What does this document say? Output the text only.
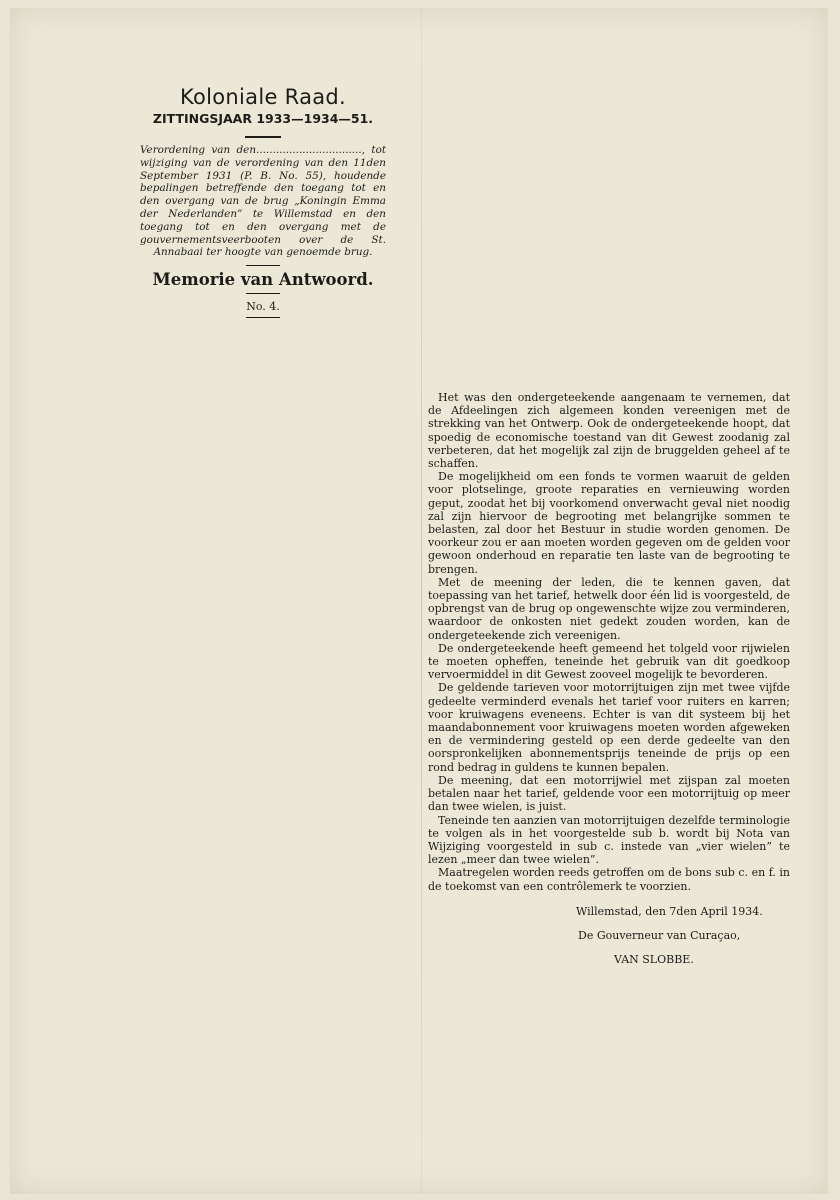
Koloniale Raad.
ZITTINGSJAAR 1933—1934—51.
Verordening van den................................, tot wijziging van de verordening van den 11den September 1931 (P. B. No. 55), houdende bepalingen betreffende den toegang tot en den overgang van de brug „Koningin Emma der Nederlanden” te Willemstad en den toegang tot en den overgang met de gouvernementsveerbooten over de St. Annabaai ter hoogte van genoemde brug.
Memorie van Antwoord.
No. 4.

Het was den ondergeteekende aangenaam te vernemen, dat de Afdeelingen zich algemeen konden vereenigen met de strekking van het Ontwerp. Ook de ondergeteekende hoopt, dat spoedig de economische toestand van dit Gewest zoodanig zal verbeteren, dat het mogelijk zal zijn de bruggelden geheel af te schaffen.

De mogelijkheid om een fonds te vormen waaruit de gelden voor plotselinge, groote reparaties en vernieuwing worden geput, zoodat het bij voorkomend onverwacht geval niet noodig zal zijn hiervoor de begrooting met belangrijke sommen te belasten, zal door het Bestuur in studie worden genomen. De voorkeur zou er aan moeten worden gegeven om de gelden voor gewoon onderhoud en reparatie ten laste van de begrooting te brengen.

Met de meening der leden, die te kennen gaven, dat toepassing van het tarief, hetwelk door één lid is voorgesteld, de opbrengst van de brug op ongewenschte wijze zou verminderen, waardoor de onkosten niet gedekt zouden worden, kan de ondergeteekende zich vereenigen.

De ondergeteekende heeft gemeend het tolgeld voor rijwielen te moeten opheffen, teneinde het gebruik van dit goedkoop vervoermiddel in dit Gewest zooveel mogelijk te bevorderen.

De geldende tarieven voor motorrijtuigen zijn met twee vijfde gedeelte verminderd evenals het tarief voor ruiters en karren; voor kruiwagens eveneens. Echter is van dit systeem bij het maandabonnement voor kruiwagens moeten worden afgeweken en de vermindering gesteld op een derde gedeelte van den oorspronkelijken abonnementsprijs teneinde de prijs op een rond bedrag in guldens te kunnen bepalen.

De meening, dat een motorrijwiel met zijspan zal moeten betalen naar het tarief, geldende voor een motorrijtuig op meer dan twee wielen, is juist.

Teneinde ten aanzien van motorrijtuigen dezelfde terminologie te volgen als in het voorgestelde sub b. wordt bij Nota van Wijziging voorgesteld in sub c. instede van „vier wielen” te lezen „meer dan twee wielen”.

Maatregelen worden reeds getroffen om de bons sub c. en f. in de toekomst van een contrôlemerk te voorzien.

Willemstad, den 7den April 1934.
De Gouverneur van Curaçao,
VAN SLOBBE.
